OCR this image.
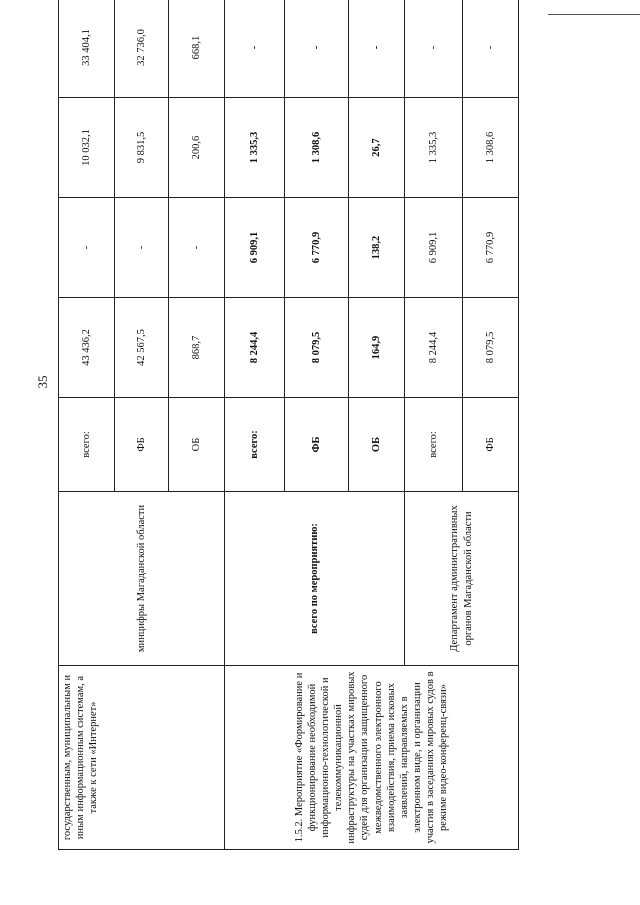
35
государственным, муниципальным и иным информационным системам, а также к сети «Интернет»	минцифры Магаданской области	всего:	43 436,2	-	10 032,1	33 404,1
		ФБ	42 567,5	-	9 831,5	32 736,0
		ОБ	868,7	-	200,6	668,1
1.5.2. Мероприятие «Формирование и функционирование необходимой информационно-технологической и телекоммуникационной инфраструктуры на участках мировых судей для организации защищенного межведомственного электронного взаимодействия, приема исковых заявлений, направляемых в электронном виде, и организации участия в заседаниях мировых судов в режиме видео-конференц-связи»	всего по мероприятию:	всего:	8 244,4	6 909,1	1 335,3	-
		ФБ	8 079,5	6 770,9	1 308,6	-
		ОБ	164,9	138,2	26,7	-
	Департамент административных органов Магаданской области	всего:	8 244,4	6 909,1	1 335,3	-
		ФБ	8 079,5	6 770,9	1 308,6	-
